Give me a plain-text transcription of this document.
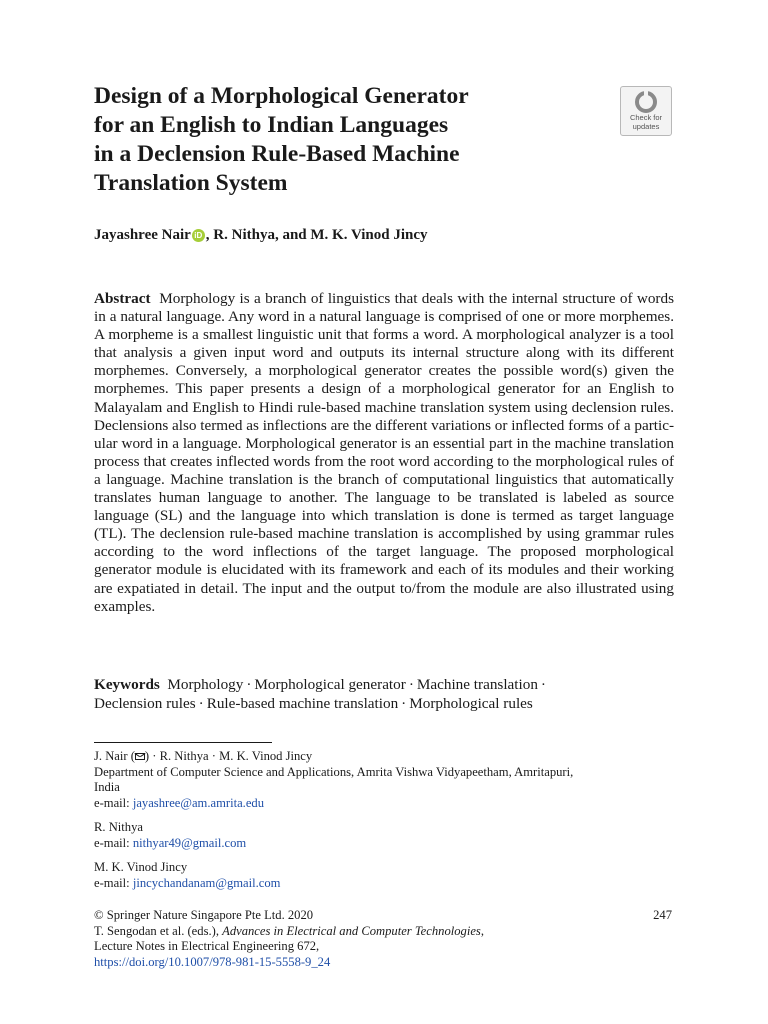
Design of a Morphological Generator
for an English to Indian Languages
in a Declension Rule-Based Machine
Translation System
Check for
updates
Jayashree Nair iD , R. Nithya, and M. K. Vinod Jincy
Abstract Morphology is a branch of linguistics that deals with the internal structure of words in a natural language. Any word in a natural language is comprised of one or more morphemes. A morpheme is a smallest linguistic unit that forms a word. A morphological analyzer is a tool that analysis a given input word and outputs its internal structure along with its different morphemes. Conversely, a morphological generator creates the possible word(s) given the morphemes. This paper presents a design of a morphological generator for an English to Malayalam and English to Hindi rule-based machine translation system using declension rules. Declensions also termed as inflections are the different variations or inflected forms of a particular word in a language. Morphological generator is an essential part in the machine translation process that creates inflected words from the root word according to the morphological rules of a language. Machine translation is the branch of computational linguistics that automatically translates human language to another. The language to be translated is labeled as source language (SL) and the language into which translation is done is termed as target language (TL). The declension rule-based machine translation is accomplished by using grammar rules according to the word inflections of the target language. The proposed morphological generator module is elucidated with its framework and each of its modules and their working are expatiated in detail. The input and the output to/from the module are also illustrated using examples.
Keywords Morphology · Morphological generator · Machine translation ·
Declension rules · Rule-based machine translation · Morphological rules
J. Nair ( ) · R. Nithya · M. K. Vinod Jincy
Department of Computer Science and Applications, Amrita Vishwa Vidyapeetham, Amritapuri,
India
e-mail: jayashree@am.amrita.edu
R. Nithya
e-mail: nithyar49@gmail.com
M. K. Vinod Jincy
e-mail: jincychandanam@gmail.com
© Springer Nature Singapore Pte Ltd. 2020
T. Sengodan et al. (eds.), Advances in Electrical and Computer Technologies,
Lecture Notes in Electrical Engineering 672,
https://doi.org/10.1007/978-981-15-5558-9_24
247
